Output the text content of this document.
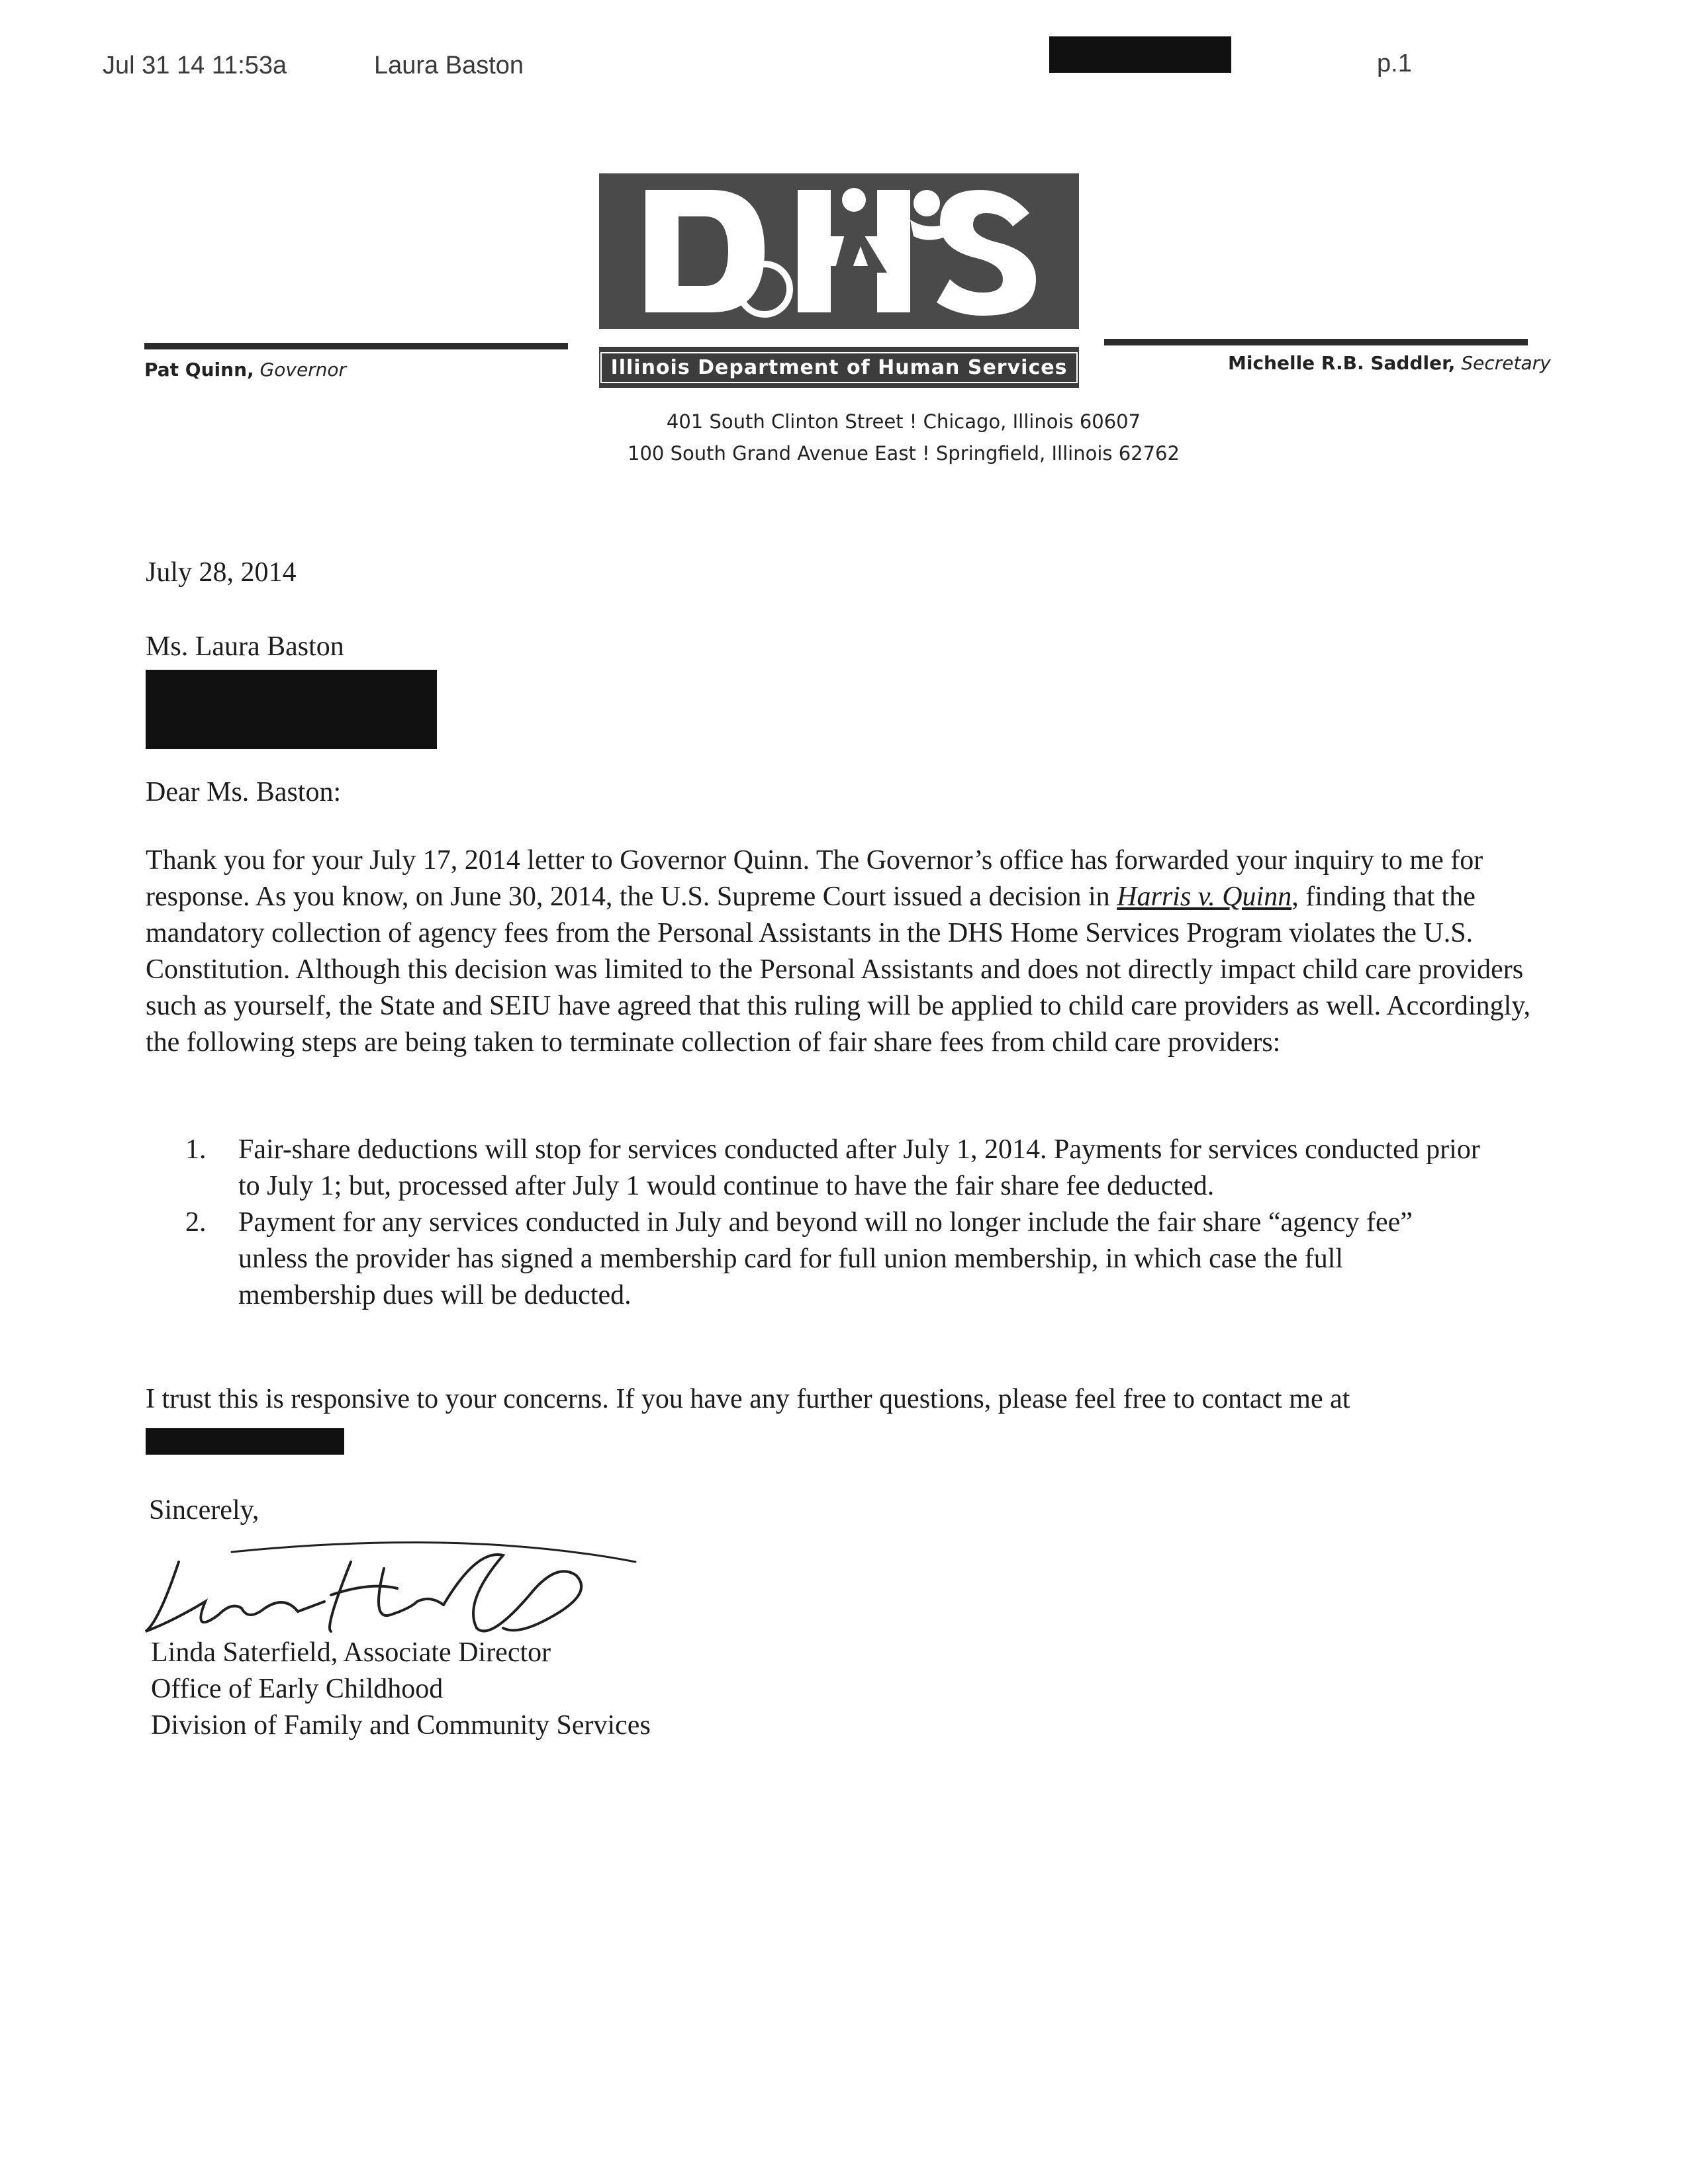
Jul 31 14 11:53a	Laura Baston	p.1
Pat Quinn, Governor	Michelle R.B. Saddler, Secretary
Illinois Department of Human Services
401 South Clinton Street ! Chicago, Illinois 60607
100 South Grand Avenue East ! Springfield, Illinois 62762
July 28, 2014
Ms. Laura Baston
Dear Ms. Baston:
Thank you for your July 17, 2014 letter to Governor Quinn. The Governor’s office has forwarded your inquiry to me for response. As you know, on June 30, 2014, the U.S. Supreme Court issued a decision in Harris v. Quinn, finding that the mandatory collection of agency fees from the Personal Assistants in the DHS Home Services Program violates the U.S. Constitution. Although this decision was limited to the Personal Assistants and does not directly impact child care providers such as yourself, the State and SEIU have agreed that this ruling will be applied to child care providers as well. Accordingly, the following steps are being taken to terminate collection of fair share fees from child care providers:
1. Fair-share deductions will stop for services conducted after July 1, 2014. Payments for services conducted prior to July 1; but, processed after July 1 would continue to have the fair share fee deducted.
2. Payment for any services conducted in July and beyond will no longer include the fair share “agency fee” unless the provider has signed a membership card for full union membership, in which case the full membership dues will be deducted.
I trust this is responsive to your concerns. If you have any further questions, please feel free to contact me at
Sincerely,
Linda Saterfield, Associate Director
Office of Early Childhood
Division of Family and Community Services
